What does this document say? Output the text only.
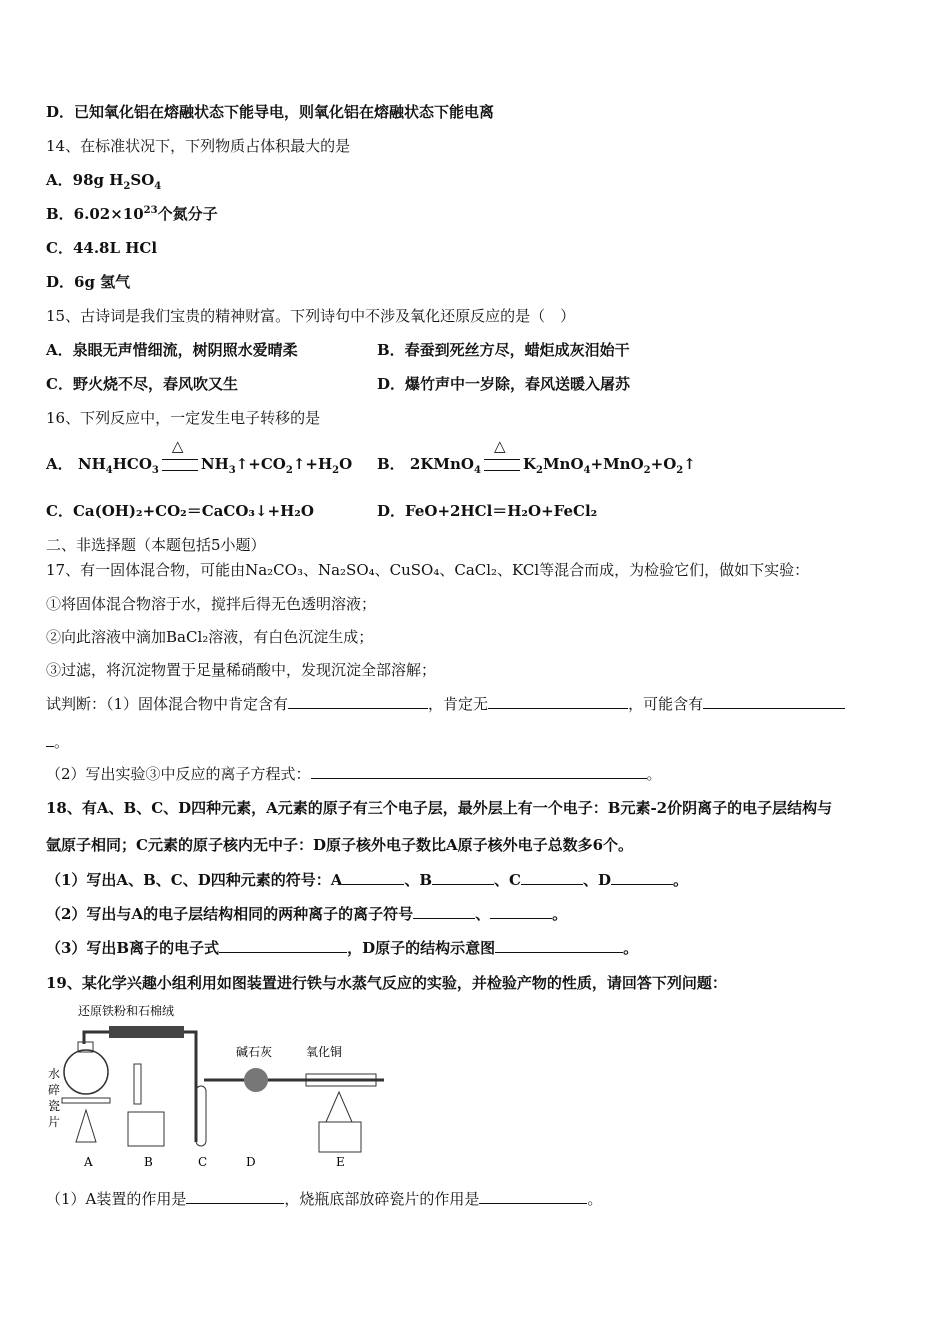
D．已知氧化铝在熔融状态下能导电，则氧化铝在熔融状态下能电离
14、在标准状况下，下列物质占体积最大的是
A．98g $H_2SO_4$
B．$6.02\times 10^{23}$个氮分子
C．44.8L HCl
D．6g 氢气
15、古诗词是我们宝贵的精神财富。下列诗句中不涉及氧化还原反应的是（　）
A．泉眼无声惜细流，树阴照水爱晴柔	B．春蚕到死丝方尽，蜡炬成灰泪始干
C．野火烧不尽，春风吹又生	D．爆竹声中一岁除，春风送暖入屠苏
16、下列反应中，一定发生电子转移的是
A． $NH_4HCO_3$
△
$NH_3↑+CO_2↑+H_2O$ B． 2KMnO$_4$
△
$K_2MnO_4+MnO_2+O_2↑$
C．Ca(OH)₂+CO₂＝CaCO₃↓+H₂O	D．FeO+2HCl＝H₂O+FeCl₂
二、非选择题（本题包括5小题）
17、有一固体混合物，可能由Na₂CO₃、Na₂SO₄、CuSO₄、CaCl₂、KCl等混合而成，为检验它们，做如下实验：
①将固体混合物溶于水，搅拌后得无色透明溶液；
②向此溶液中滴加BaCl₂溶液，有白色沉淀生成；
③过滤，将沉淀物置于足量稀硝酸中，发现沉淀全部溶解；
试判断：（1）固体混合物中肯定含有	，肯定无	，可能含有
。
（2）写出实验③中反应的离子方程式：	。
18、有A、B、C、D四种元素，A元素的原子有三个电子层，最外层上有一个电子：B元素-2价阴离子的电子层结构与
氩原子相同；C元素的原子核内无中子：D原子核外电子数比A原子核外电子总数多6个。
（1）写出A、B、C、D四种元素的符号：A	、B	、C	、D	。
（2）写出与A的电子层结构相同的两种离子的离子符号	、	。
（3）写出B离子的电子式	，D原子的结构示意图	。
19、某化学兴趣小组利用如图装置进行铁与水蒸气反应的实验，并检验产物的性质，请回答下列问题：
还原铁粉和石棉绒
水
碎
瓷
片
碱石灰	氧化铜
A	B	C	D	E
（1）A装置的作用是	，烧瓶底部放碎瓷片的作用是	。
